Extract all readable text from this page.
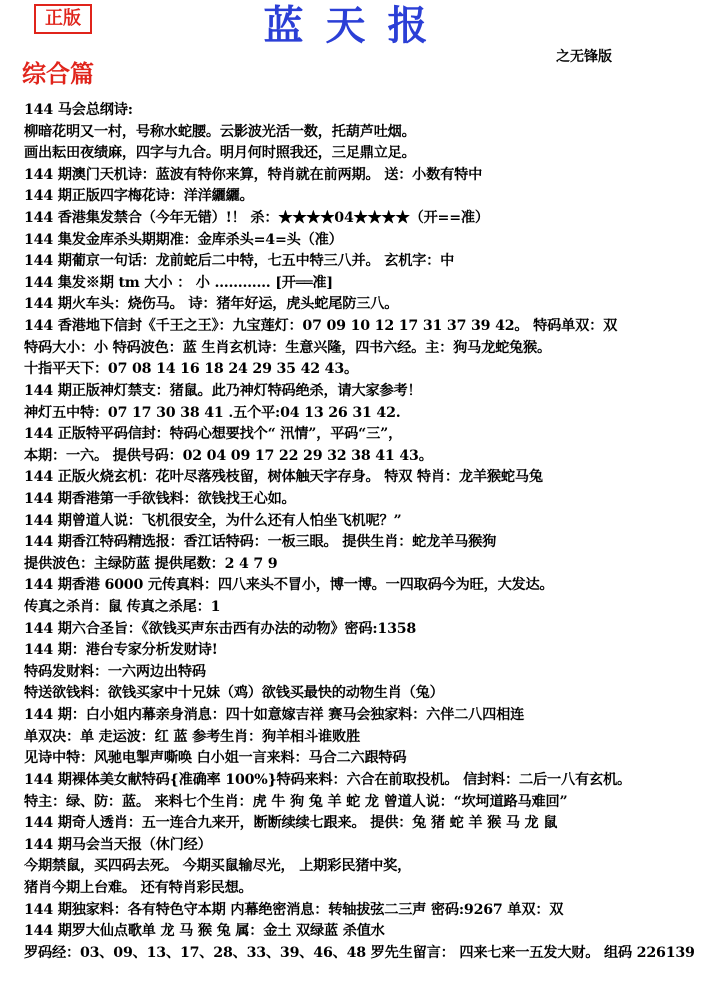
正版	蓝天报
之无锋版
综合篇
144 马会总纲诗:
柳暗花明又一村，号称水蛇腰。云影波光活一数，托葫芦吐烟。
画出耘田夜绩麻，四字与九合。明月何时照我还，三足鼎立足。
144 期澳门天机诗：蓝波有特你来算，特肖就在前两期。 送：小数有特中
144 期正版四字梅花诗：洋洋纚纚。
144 香港集发禁合（今年无错）!！ 杀：★★★★04★★★★（开==准）
144 集发金库杀头期期准：金库杀头=4=头（准）
144 期葡京一句话：龙前蛇后二中特，七五中特三八并。 玄机字：中
144 集发※期 tm 大小 ： 小 ………… [开══准]
144 期火车头：烧伤马。 诗：猪年好运，虎头蛇尾防三八。
144 香港地下信封《千王之王》：九宝莲灯：07 09 10 12 17 31 37 39 42。 特码单双：双
特码大小：小 特码波色：蓝 生肖玄机诗：生意兴隆，四书六经。主：狗马龙蛇兔猴。
十指平天下：07 08 14 16 18 24 29 35 42 43。
144 期正版神灯禁支：猪鼠。此乃神灯特码绝杀，请大家参考！
神灯五中特：07 17 30 38 41 .五个平:04 13 26 31 42.
144 正版特平码信封：特码心想要找个“ 汛情”，平码“三”，
本期：一六。 提供号码：02 04 09 17 22 29 32 38 41 43。
144 正版火烧玄机：花叶尽落残枝留，树体触天字存身。 特双 特肖：龙羊猴蛇马兔
144 期香港第一手欲钱料：欲钱找王心如。
144 期曾道人说：飞机很安全，为什么还有人怕坐飞机呢？”
144 期香江特码精选报：香江话特码：一板三眼。 提供生肖：蛇龙羊马猴狗
提供波色：主绿防蓝 提供尾数：2 4 7 9
144 期香港 6000 元传真料：四八来头不冒小，博一博。一四取码今为旺，大发达。
传真之杀肖：鼠 传真之杀尾：1
144 期六合圣旨：《欲钱买声东击西有办法的动物》密码:1358
144 期：港台专家分析发财诗!
特码发财料：一六两边出特码
特送欲钱料：欲钱买家中十兄妹（鸡）欲钱买最快的动物生肖（兔）
144 期：白小姐内幕亲身消息：四十如意嫁吉祥 赛马会独家料：六伴二八四相连
单双决：单 走运波：红 蓝 参考生肖：狗羊相斗谁败胜
见诗中特：风驰电掣声嘶唤 白小姐一言来料：马合二六跟特码
144 期裸体美女献特码{准确率 100%}特码来料：六合在前取投机。 信封料：二后一八有玄机。
特主：绿、防：蓝。 来料七个生肖：虎 牛 狗 兔 羊 蛇 龙 曾道人说：“坎坷道路马难回”
144 期奇人透肖：五一连合九来开，断断续续七跟来。 提供：兔 猪 蛇 羊 猴 马 龙 鼠
144 期马会当天报（休门经）
今期禁鼠，买四码去死。 今期买鼠输尽光， 上期彩民猪中奖，
猪肖今期上台难。 还有特肖彩民想。
144 期独家料：各有特色守本期 内幕绝密消息：转轴拔弦二三声 密码:9267 单双：双
144 期罗大仙点歌单 龙 马 猴 兔 属：金土 双绿蓝 杀值水
罗码经：03、09、13、17、28、33、39、46、48 罗先生留言： 四来七来一五发大财。 组码 226139
